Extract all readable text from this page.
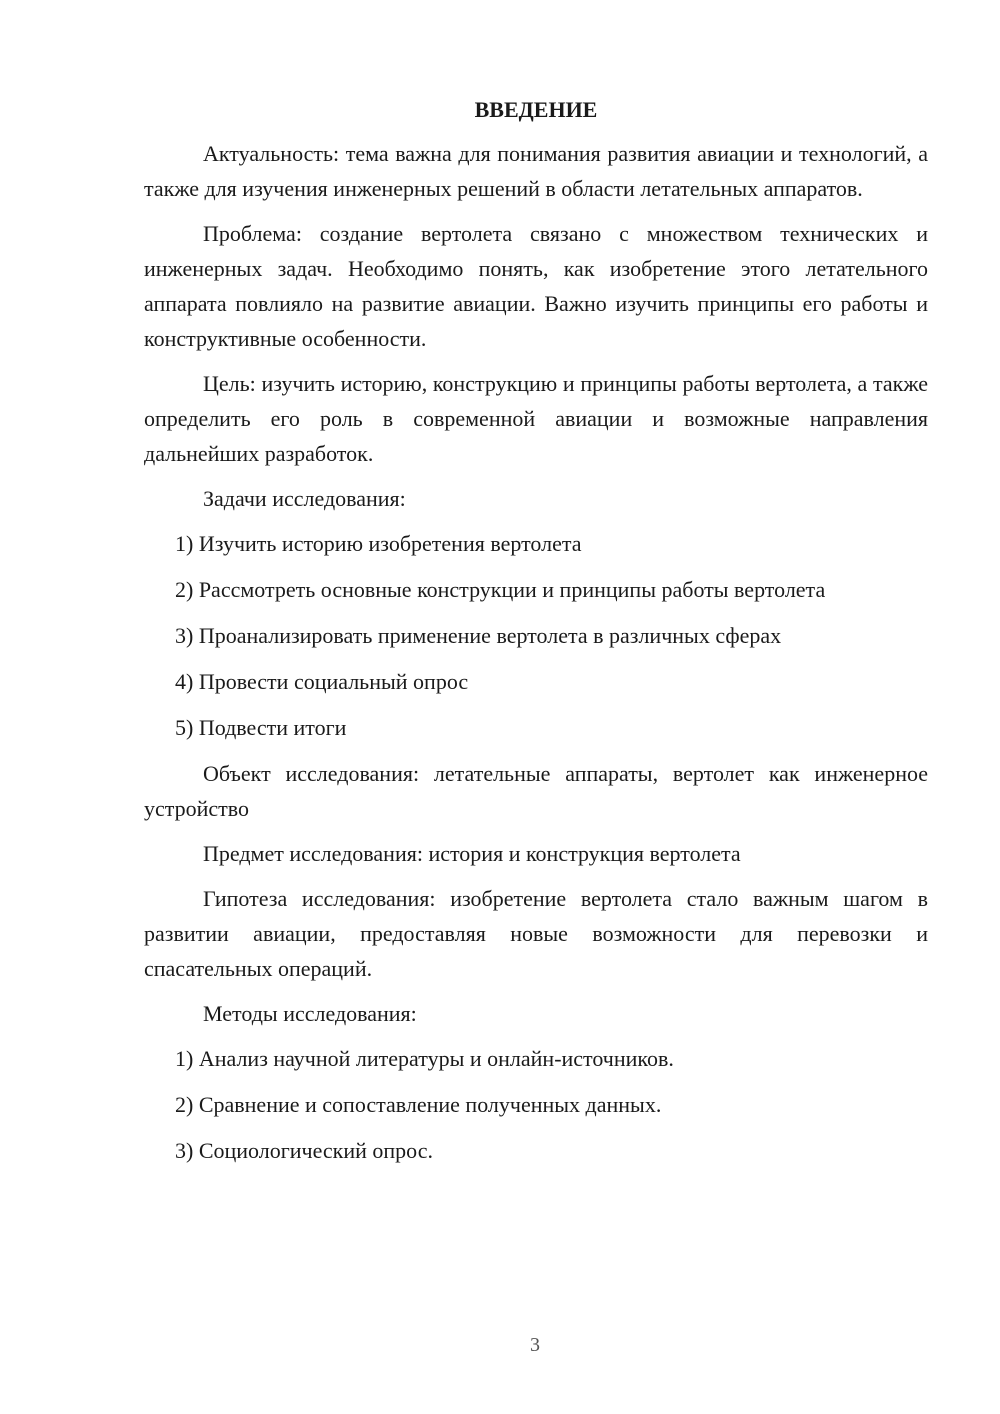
ВВЕДЕНИЕ

Актуальность: тема важна для понимания развития авиации и технологий, а также для изучения инженерных решений в области летательных аппаратов.

Проблема: создание вертолета связано с множеством технических и инженерных задач. Необходимо понять, как изобретение этого летательного аппарата повлияло на развитие авиации. Важно изучить принципы его работы и конструктивные особенности.

Цель: изучить историю, конструкцию и принципы работы вертолета, а также определить его роль в современной авиации и возможные направления дальнейших разработок.

Задачи исследования:

1) Изучить историю изобретения вертолета
2) Рассмотреть основные конструкции и принципы работы вертолета
3) Проанализировать применение вертолета в различных сферах
4) Провести социальный опрос
5) Подвести итоги

Объект исследования: летательные аппараты, вертолет как инженерное устройство

Предмет исследования: история и конструкция вертолета

Гипотеза исследования: изобретение вертолета стало важным шагом в развитии авиации, предоставляя новые возможности для перевозки и спасательных операций.

Методы исследования:

1) Анализ научной литературы и онлайн-источников.
2) Сравнение и сопоставление полученных данных.
3) Социологический опрос.
3
